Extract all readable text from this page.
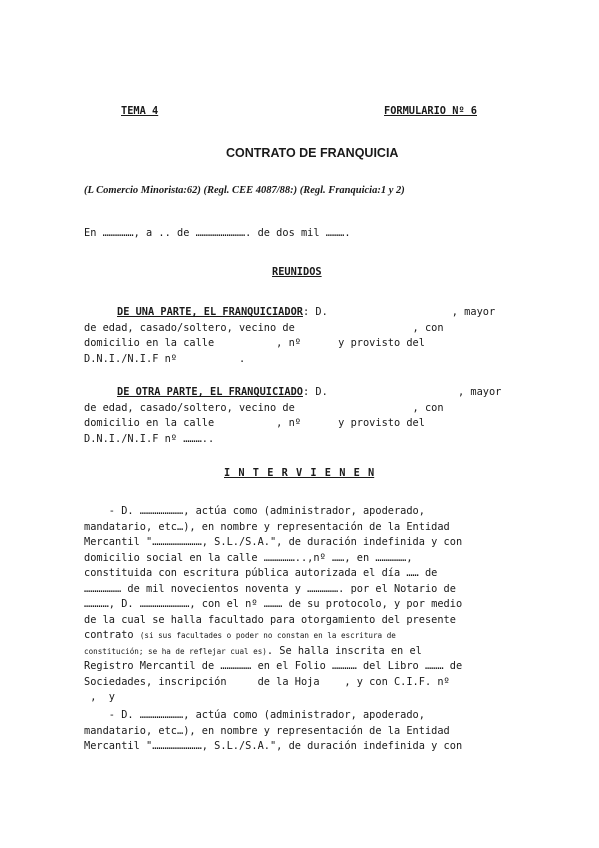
TEMA 4	FORMULARIO Nº 6
CONTRATO DE FRANQUICIA
(L Comercio Minorista:62) (Regl. CEE 4087/88:) (Regl. Franquicia:1 y 2)
En ……………, a .. de ……………………. de dos mil ……….
REUNIDOS
DE UNA PARTE, EL FRANQUICIADOR: D.                    , mayor
de edad, casado/soltero, vecino de                   , con
domicilio en la calle          , nº      y provisto del
D.N.I./N.I.F nº          .
DE OTRA PARTE, EL FRANQUICIADO: D.                     , mayor
de edad, casado/soltero, vecino de                   , con
domicilio en la calle          , nº      y provisto del
D.N.I./N.I.F nº ………..
I N T E R V I E N E N
- D. …………………, actúa como (administrador, apoderado,
mandatario, etc…), en nombre y representación de la Entidad
Mercantil "……………………, S.L./S.A.", de duración indefinida y con
domicilio social en la calle ……………..,nº ……, en ……………,
constituida con escritura pública autorizada el día …… de
……………… de mil novecientos noventa y ……………. por el Notario de
…………, D. ……………………, con el nº ……… de su protocolo, y por medio
de la cual se halla facultado para otorgamiento del presente
contrato (si sus facultades o poder no constan en la escritura de
constitución; se ha de reflejar cual es). Se halla inscrita en el
Registro Mercantil de …………… en el Folio ………… del Libro ……… de
Sociedades, inscripción     de la Hoja    , y con C.I.F. nº
,  y
- D. …………………, actúa como (administrador, apoderado,
mandatario, etc…), en nombre y representación de la Entidad
Mercantil "……………………, S.L./S.A.", de duración indefinida y con
